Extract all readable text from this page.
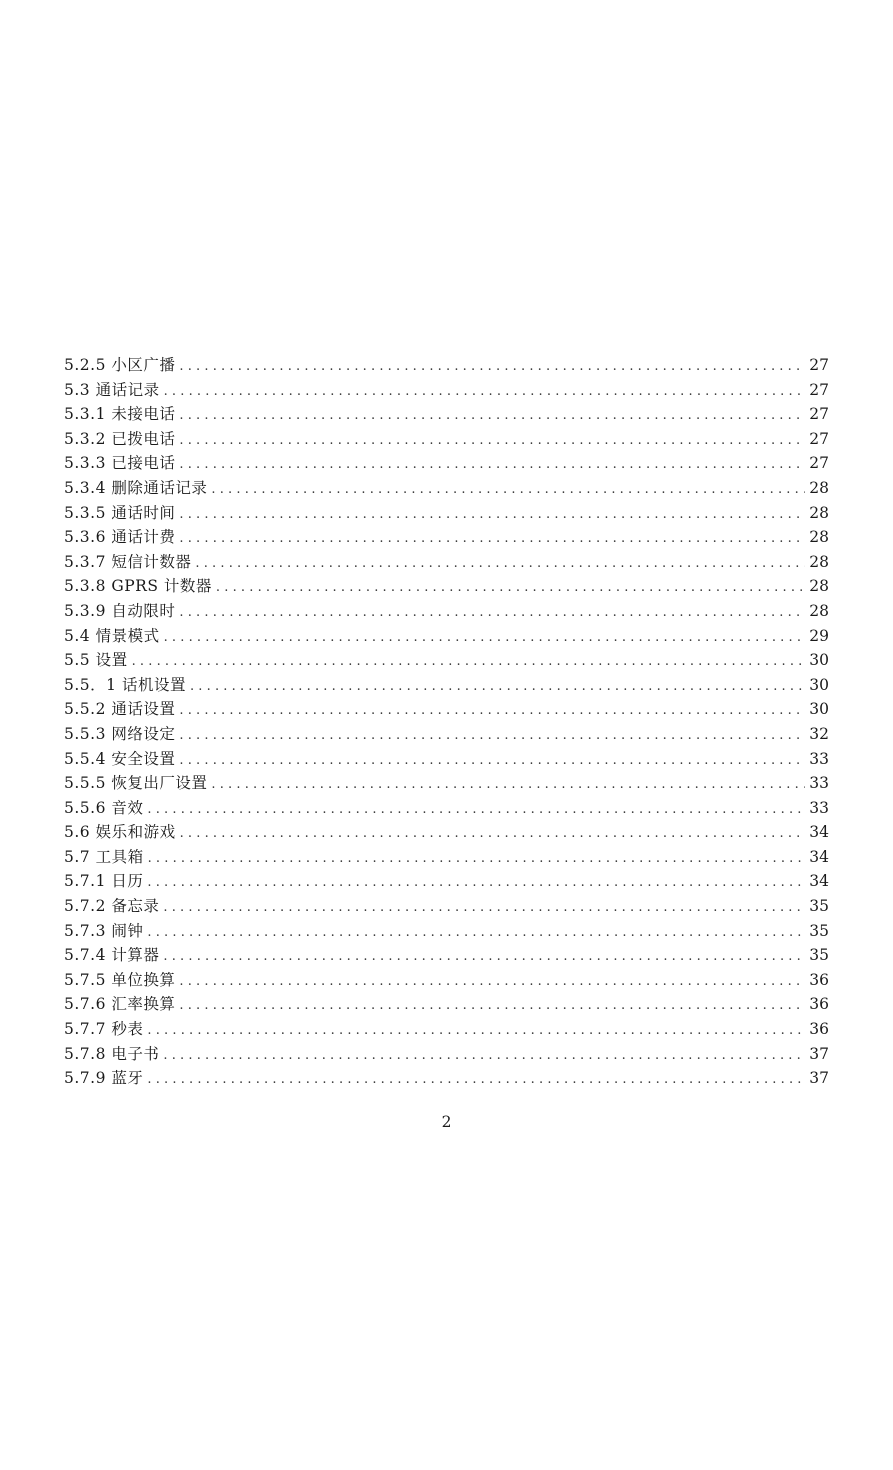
5.2.5 小区广播 .....	27
5.3 通话记录 .....	27
5.3.1 未接电话 .....	27
5.3.2 已拨电话 .....	27
5.3.3 已接电话 .....	27
5.3.4 删除通话记录 .....	28
5.3.5 通话时间 .....	28
5.3.6 通话计费 .....	28
5.3.7 短信计数器 .....	28
5.3.8 GPRS 计数器 .....	28
5.3.9 自动限时 .....	28
5.4 情景模式 .....	29
5.5 设置 .....	30
5.5．1 话机设置 .....	30
5.5.2 通话设置 .....	30
5.5.3 网络设定 .....	32
5.5.4 安全设置 .....	33
5.5.5 恢复出厂设置 .....	33
5.5.6 音效 .....	33
5.6 娱乐和游戏 .....	34
5.7 工具箱 .....	34
5.7.1 日历 .....	34
5.7.2 备忘录 .....	35
5.7.3 闹钟 .....	35
5.7.4 计算器 .....	35
5.7.5 单位换算 .....	36
5.7.6 汇率换算 .....	36
5.7.7 秒表 .....	36
5.7.8 电子书 .....	37
5.7.9 蓝牙 .....	37
2
